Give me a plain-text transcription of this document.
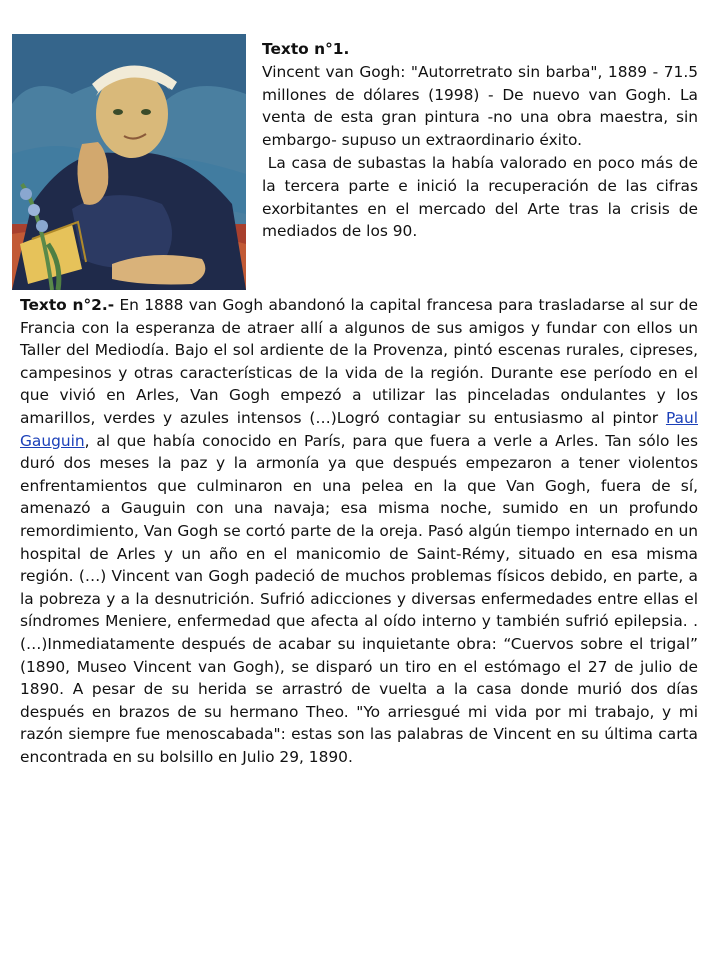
Texto n°1.

Vincent van Gogh: "Autorretrato sin barba", 1889 - 71.5 millones de dólares (1998) - De nuevo van Gogh. La venta de esta gran pintura -no una obra maestra, sin embargo- supuso un extraordinario éxito.

La casa de subastas la había valorado en poco más de la tercera parte e inició la recuperación de las cifras exorbitantes en el mercado del Arte tras la crisis de mediados de los 90.

Texto n°2.- En 1888 van Gogh abandonó la capital francesa para trasladarse al sur de Francia con la esperanza de atraer allí a algunos de sus amigos y fundar con ellos un Taller del Mediodía. Bajo el sol ardiente de la Provenza, pintó escenas rurales, cipreses, campesinos y otras características de la vida de la región. Durante ese período en el que vivió en Arles, Van Gogh empezó a utilizar las pinceladas ondulantes y los amarillos, verdes y azules intensos (…)Logró contagiar su entusiasmo al pintor Paul Gauguin, al que había conocido en París, para que fuera a verle a Arles. Tan sólo les duró dos meses la paz y la armonía ya que después empezaron a tener violentos enfrentamientos que culminaron en una pelea en la que Van Gogh, fuera de sí, amenazó a Gauguin con una navaja; esa misma noche, sumido en un profundo remordimiento, Van Gogh se cortó parte de la oreja. Pasó algún tiempo internado en un hospital de Arles y un año en el manicomio de Saint-Rémy, situado en esa misma región. (…) Vincent van Gogh padeció de muchos problemas físicos debido, en parte, a la pobreza y a la desnutrición. Sufrió adicciones y diversas enfermedades entre ellas el síndromes Meniere, enfermedad que afecta al oído interno y también sufrió epilepsia. .(…)Inmediatamente después de acabar su inquietante obra: “Cuervos sobre el trigal” (1890, Museo Vincent van Gogh), se disparó un tiro en el estómago el 27 de julio de 1890. A pesar de su herida se arrastró de vuelta a la casa donde murió dos días después en brazos de su hermano Theo. "Yo arriesgué mi vida por mi trabajo, y mi razón siempre fue menoscabada": estas son las palabras de Vincent en su última carta encontrada en su bolsillo en Julio 29, 1890.
